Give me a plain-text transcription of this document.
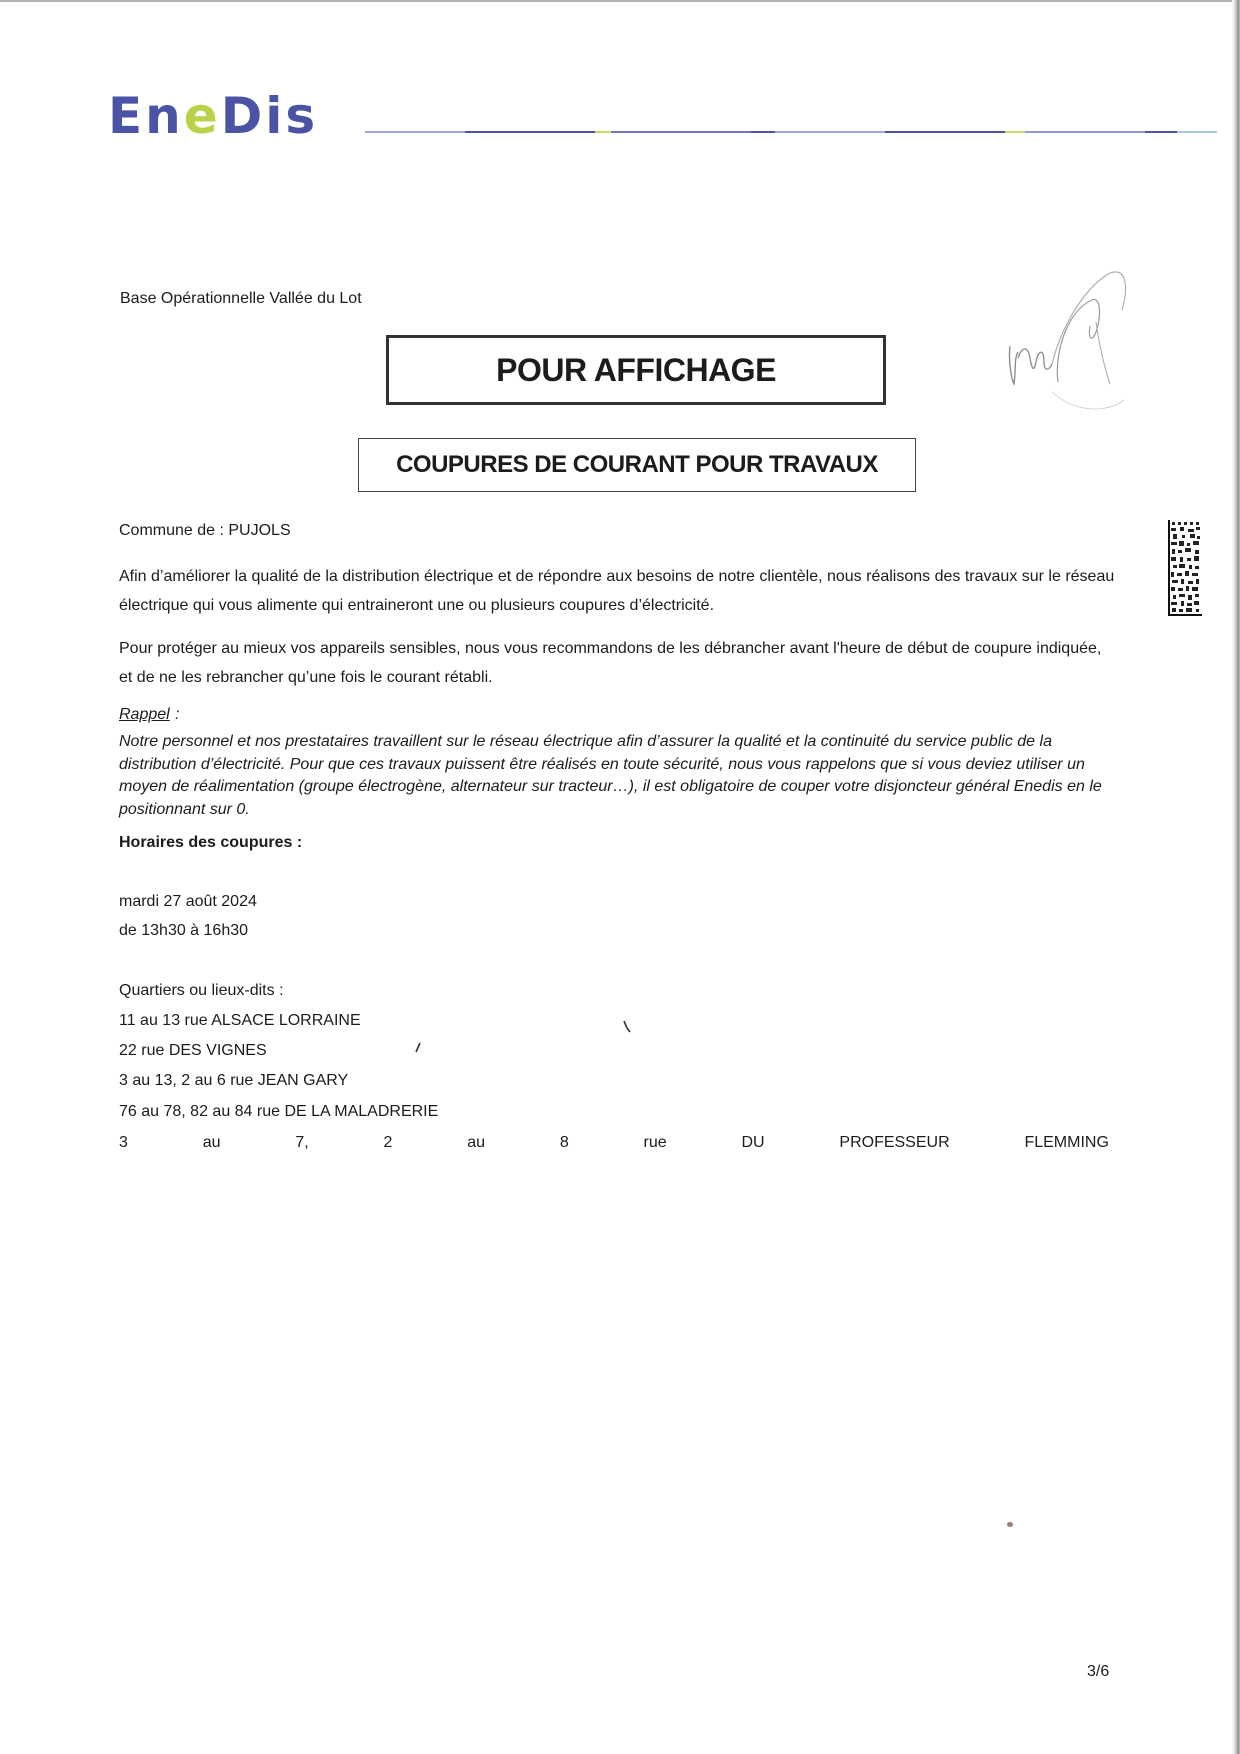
EneDis
Base Opérationnelle Vallée du Lot
POUR AFFICHAGE
COUPURES DE COURANT POUR TRAVAUX
Commune de : PUJOLS
Afin d’améliorer la qualité de la distribution électrique et de répondre aux besoins de notre clientèle, nous réalisons des travaux sur le réseau électrique qui vous alimente qui entraineront une ou plusieurs coupures d’électricité.
Pour protéger au mieux vos appareils sensibles, nous vous recommandons de les débrancher avant l'heure de début de coupure indiquée, et de ne les rebrancher qu’une fois le courant rétabli.
Rappel :
Notre personnel et nos prestataires travaillent sur le réseau électrique afin d’assurer la qualité et la continuité du service public de la distribution d’électricité. Pour que ces travaux puissent être réalisés en toute sécurité, nous vous rappelons que si vous deviez utiliser un moyen de réalimentation (groupe électrogène, alternateur sur tracteur…), il est obligatoire de couper votre disjoncteur général Enedis en le positionnant sur 0.
Horaires des coupures :
mardi 27 août 2024
de 13h30 à 16h30
Quartiers ou lieux-dits :
11 au 13 rue ALSACE LORRAINE
22 rue DES VIGNES
3 au 13, 2 au 6 rue JEAN GARY
76 au 78, 82 au 84 rue DE LA MALADRERIE
3	au	7,	2	au	8	rue	DU	PROFESSEUR	FLEMMING
3/6
